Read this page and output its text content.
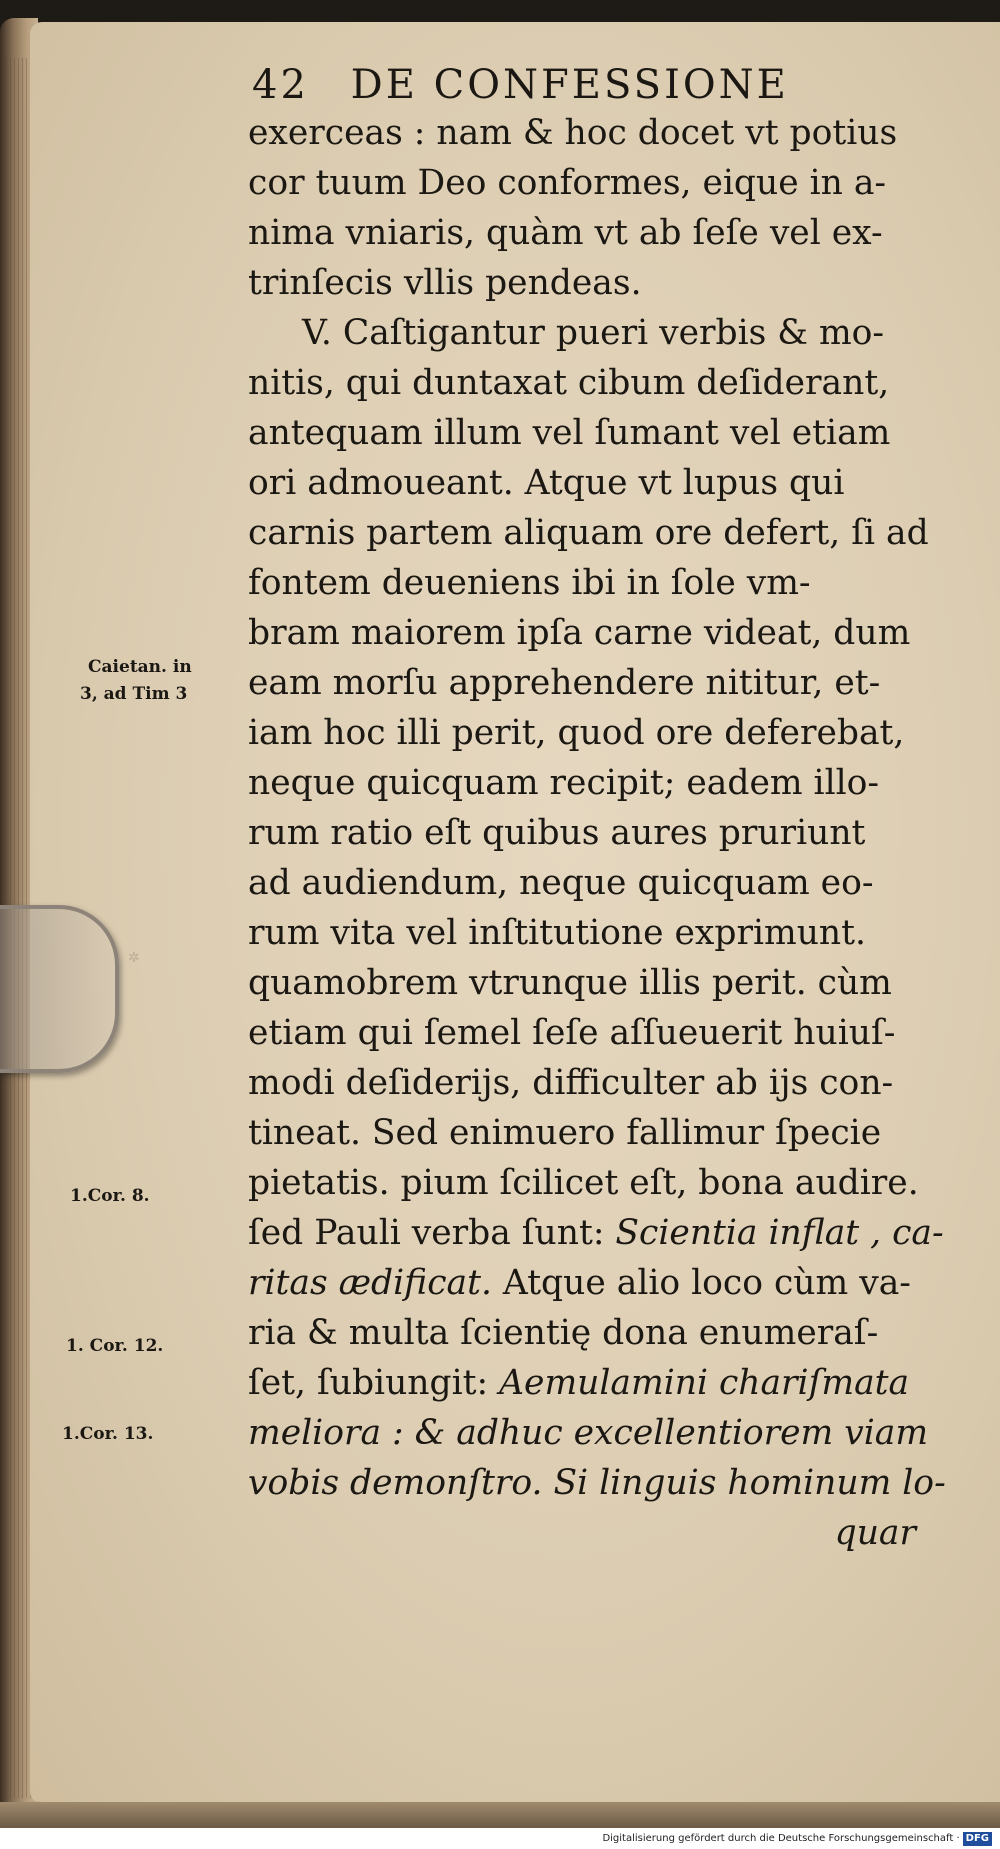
✲
42 DE CONFESSIONE
exerceas : nam & hoc docet vt potius
cor tuum Deo conformes, eique in a-
nima vniaris, quàm vt ab ſeſe vel ex-
trinſecis vllis pendeas.
V. Caſtigantur pueri verbis & mo-
nitis, qui duntaxat cibum deſiderant,
antequam illum vel ſumant vel etiam
ori admoueant. Atque vt lupus qui
carnis partem aliquam ore defert, ſi ad
fontem deueniens ibi in ſole vm-
bram maiorem ipſa carne videat, dum
eam morſu apprehendere nititur, et-
iam hoc illi perit, quod ore deferebat,
neque quicquam recipit; eadem illo-
rum ratio eſt quibus aures pruriunt
ad audiendum, neque quicquam eo-
rum vita vel inſtitutione exprimunt.
quamobrem vtrunque illis perit. cùm
etiam qui ſemel ſeſe aſſueuerit huiuſ-
modi deſiderijs, difficulter ab ijs con-
tineat. Sed enimuero fallimur ſpecie
pietatis. pium ſcilicet eſt, bona audire.
ſed Pauli verba ſunt: Scientia inflat , ca-
ritas ædificat. Atque alio loco cùm va-
ria & multa ſcientię dona enumeraſ-
ſet, ſubiungit: Aemulamini chariſmata
meliora : & adhuc excellentiorem viam
vobis demonſtro. Si linguis hominum lo-
quar
Caietan. in
3, ad Tim 3
1.Cor. 8.
1. Cor. 12.
1.Cor. 13.
Digitalisierung gefördert durch die Deutsche Forschungsgemeinschaft · DFG
